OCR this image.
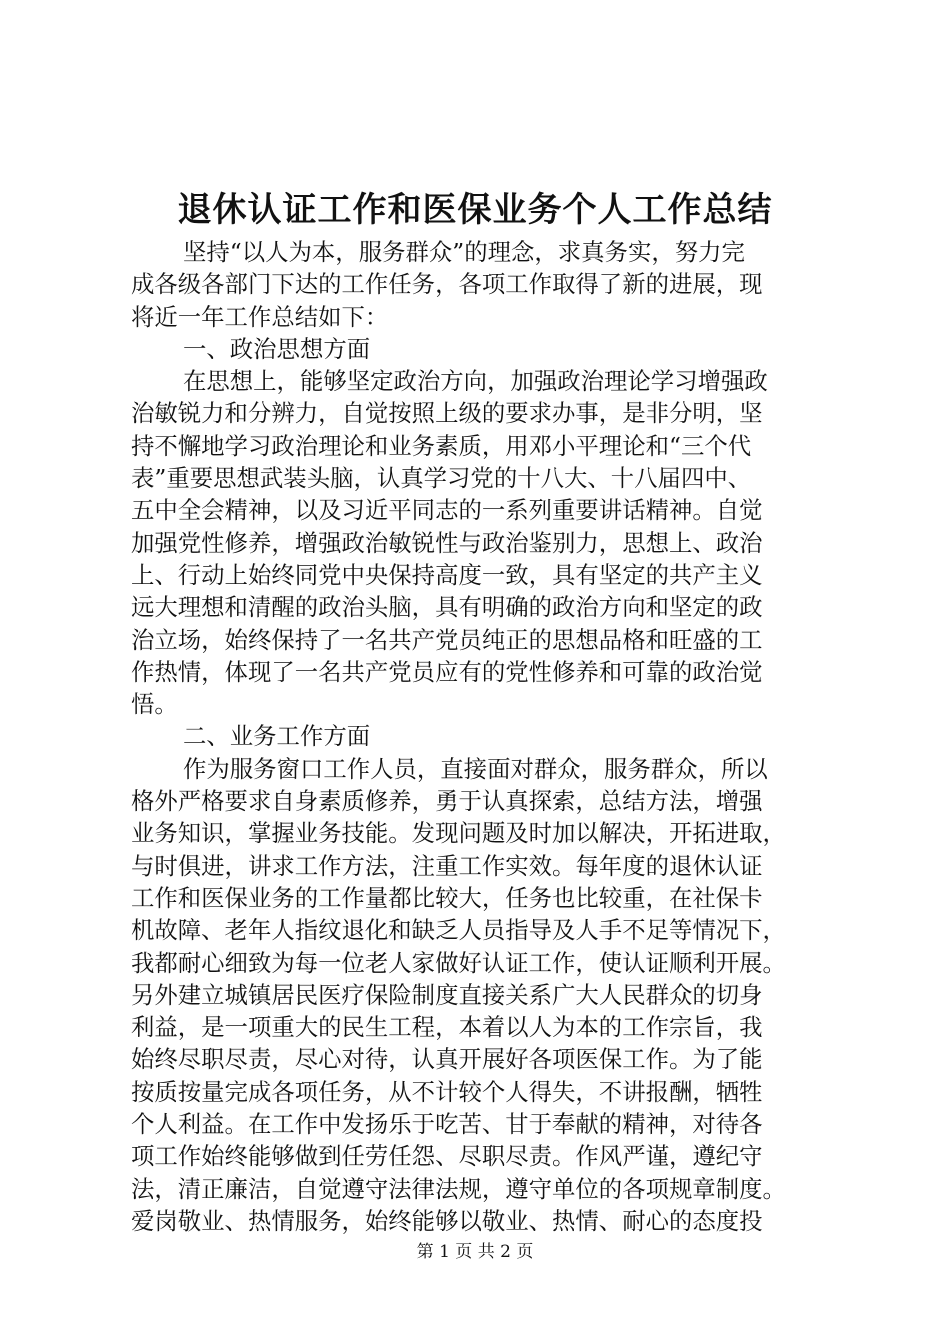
退休认证工作和医保业务个人工作总结
坚持“以人为本，服务群众”的理念，求真务实，努力完
成各级各部门下达的工作任务，各项工作取得了新的进展，现
将近一年工作总结如下：
一、政治思想方面
在思想上，能够坚定政治方向，加强政治理论学习增强政
治敏锐力和分辨力，自觉按照上级的要求办事，是非分明，坚
持不懈地学习政治理论和业务素质，用邓小平理论和“三个代
表”重要思想武装头脑，认真学习党的十八大、十八届四中、
五中全会精神，以及习近平同志的一系列重要讲话精神。自觉
加强党性修养，增强政治敏锐性与政治鉴别力，思想上、政治
上、行动上始终同党中央保持高度一致，具有坚定的共产主义
远大理想和清醒的政治头脑，具有明确的政治方向和坚定的政
治立场，始终保持了一名共产党员纯正的思想品格和旺盛的工
作热情，体现了一名共产党员应有的党性修养和可靠的政治觉
悟。
二、业务工作方面
作为服务窗口工作人员，直接面对群众，服务群众，所以
格外严格要求自身素质修养，勇于认真探索，总结方法，增强
业务知识，掌握业务技能。发现问题及时加以解决，开拓进取，
与时俱进，讲求工作方法，注重工作实效。每年度的退休认证
工作和医保业务的工作量都比较大，任务也比较重，在社保卡
机故障、老年人指纹退化和缺乏人员指导及人手不足等情况下，
我都耐心细致为每一位老人家做好认证工作，使认证顺利开展。
另外建立城镇居民医疗保险制度直接关系广大人民群众的切身
利益，是一项重大的民生工程，本着以人为本的工作宗旨，我
始终尽职尽责，尽心对待，认真开展好各项医保工作。为了能
按质按量完成各项任务，从不计较个人得失，不讲报酬，牺牲
个人利益。在工作中发扬乐于吃苦、甘于奉献的精神，对待各
项工作始终能够做到任劳任怨、尽职尽责。作风严谨，遵纪守
法，清正廉洁，自觉遵守法律法规，遵守单位的各项规章制度。
爱岗敬业、热情服务，始终能够以敬业、热情、耐心的态度投
第 1 页 共 2 页
